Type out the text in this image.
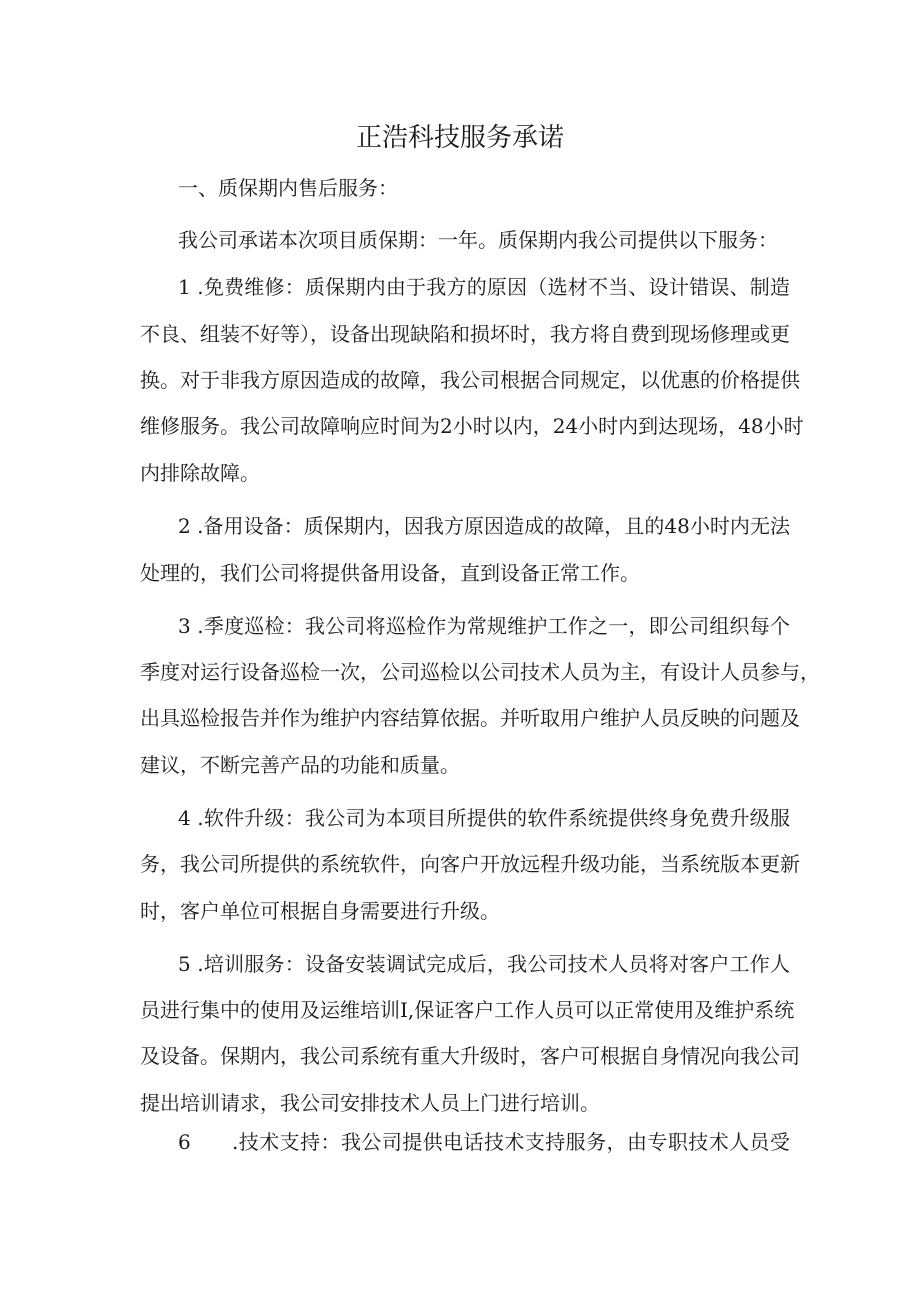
正浩科技服务承诺
一、质保期内售后服务：
我公司承诺本次项目质保期：一年。质保期内我公司提供以下服务：
1 .免费维修：质保期内由于我方的原因（选材不当、设计错误、制造
不良、组装不好等），设备出现缺陷和损坏时，我方将自费到现场修理或更
换。对于非我方原因造成的故障，我公司根据合同规定，以优惠的价格提供
维修服务。我公司故障响应时间为2小时以内，24小时内到达现场，48小时
内排除故障。
2 .备用设备：质保期内，因我方原因造成的故障，且的48小时内无法
处理的，我们公司将提供备用设备，直到设备正常工作。
3 .季度巡检：我公司将巡检作为常规维护工作之一，即公司组织每个
季度对运行设备巡检一次，公司巡检以公司技术人员为主，有设计人员参与，
出具巡检报告并作为维护内容结算依据。并听取用户维护人员反映的问题及
建议，不断完善产品的功能和质量。
4 .软件升级：我公司为本项目所提供的软件系统提供终身免费升级服
务，我公司所提供的系统软件，向客户开放远程升级功能，当系统版本更新
时，客户单位可根据自身需要进行升级。
5 .培训服务：设备安装调试完成后，我公司技术人员将对客户工作人
员进行集中的使用及运维培训I,保证客户工作人员可以正常使用及维护系统
及设备。保期内，我公司系统有重大升级时，客户可根据自身情况向我公司
提出培训请求，我公司安排技术人员上门进行培训。
6　　.技术支持：我公司提供电话技术支持服务，由专职技术人员受
